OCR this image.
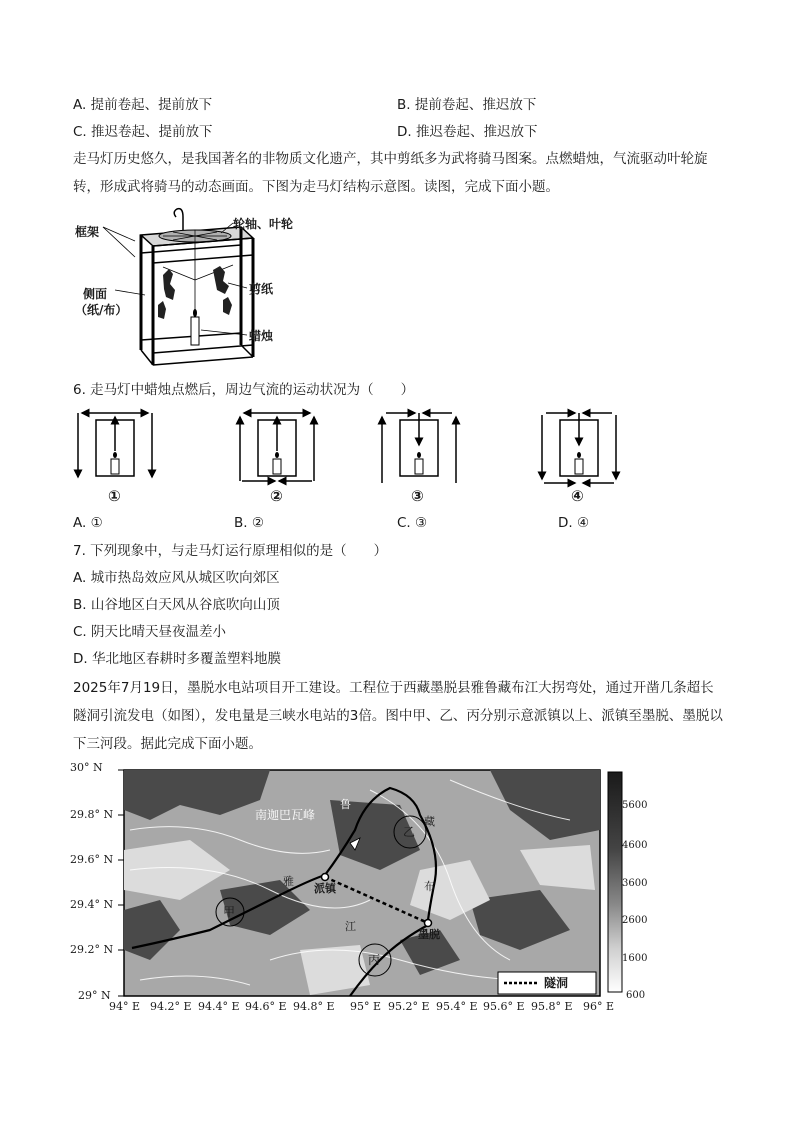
A. 提前卷起、提前放下	B. 提前卷起、推迟放下
C. 推迟卷起、提前放下	D. 推迟卷起、推迟放下
走马灯历史悠久，是我国著名的非物质文化遗产，其中剪纸多为武将骑马图案。点燃蜡烛，气流驱动叶轮旋转，形成武将骑马的动态画面。下图为走马灯结构示意图。读图，完成下面小题。
框架
轮轴、叶轮
侧面
（纸/布）
剪纸
蜡烛
6. 走马灯中蜡烛点燃后，周边气流的运动状况为（　　）
①	②	③	④
A. ①	B. ②	C. ③	D. ④
7. 下列现象中，与走马灯运行原理相似的是（　　）
A. 城市热岛效应风从城区吹向郊区
B. 山谷地区白天风从谷底吹向山顶
C. 阴天比晴天昼夜温差小
D. 华北地区春耕时多覆盖塑料地膜
2025年7月19日，墨脱水电站项目开工建设。工程位于西藏墨脱县雅鲁藏布江大拐弯处，通过开凿几条超长隧洞引流发电（如图），发电量是三峡水电站的3倍。图中甲、乙、丙分别示意派镇以上、派镇至墨脱、墨脱以下三河段。据此完成下面小题。
30° N
29.8° N
29.6° N
29.4° N
29.2° N
29° N
94° E 94.2° E 94.4° E 94.6° E 94.8° E 95° E 95.2° E 95.4° E 95.6° E 95.8° E 96° E
5600
4600
3600
2600
1600
600
南迦巴瓦峰
派镇
墨脱
甲
乙
丙
雅
鲁
藏
布
江
隧洞
